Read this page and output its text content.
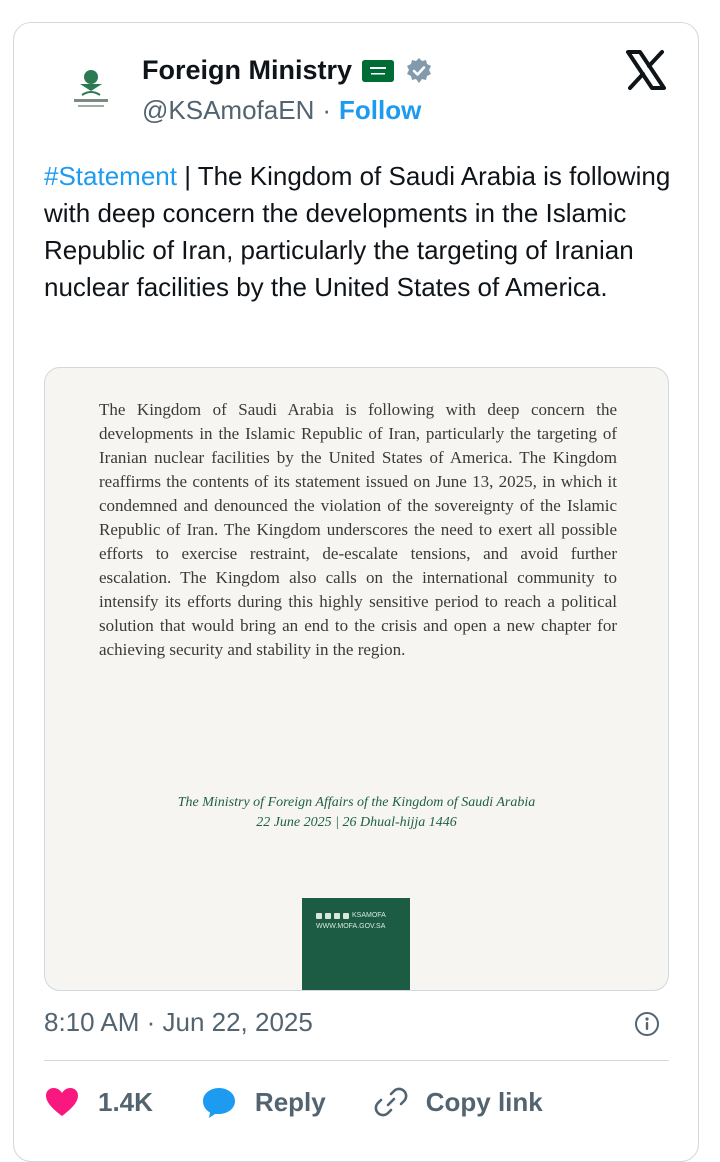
Foreign Ministry
@KSAmofaEN · Follow
#Statement | The Kingdom of Saudi Arabia is following with deep concern the developments in the Islamic Republic of Iran, particularly the targeting of Iranian nuclear facilities by the United States of America.

The Kingdom of Saudi Arabia is following with deep concern the developments in the Islamic Republic of Iran, particularly the targeting of Iranian nuclear facilities by the United States of America. The Kingdom reaffirms the contents of its statement issued on June 13, 2025, in which it condemned and denounced the violation of the sovereignty of the Islamic Republic of Iran. The Kingdom underscores the need to exert all possible efforts to exercise restraint, de-escalate tensions, and avoid further escalation. The Kingdom also calls on the international community to intensify its efforts during this highly sensitive period to reach a political solution that would bring an end to the crisis and open a new chapter for achieving security and stability in the region.

The Ministry of Foreign Affairs of the Kingdom of Saudi Arabia
22 June 2025 | 26 Dhual-hijja 1446
KSAMOFA
WWW.MOFA.GOV.SA
8:10 AM · Jun 22, 2025
1.4K	Reply	Copy link
